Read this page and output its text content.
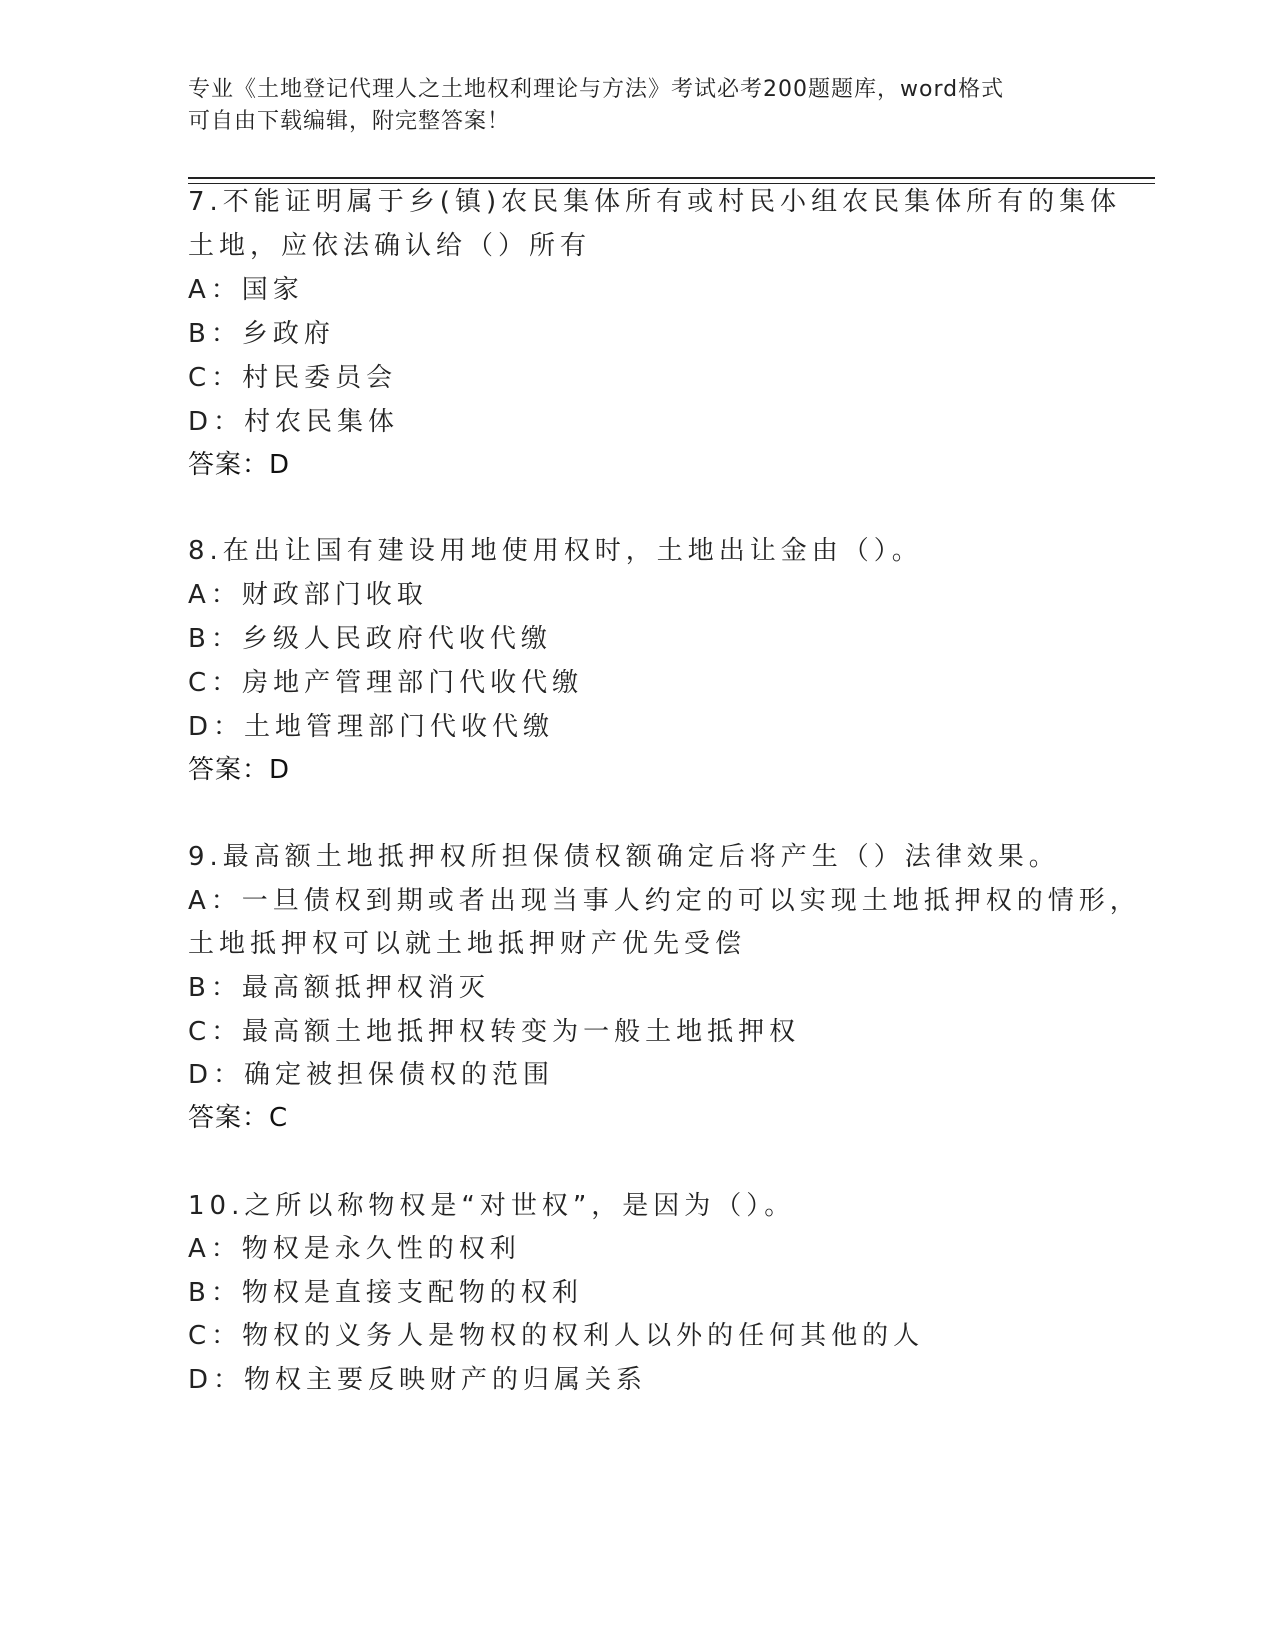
专业《土地登记代理人之土地权利理论与方法》考试必考200题题库，word格式
可自由下载编辑，附完整答案！
7.不能证明属于乡(镇)农民集体所有或村民小组农民集体所有的集体
土地，应依法确认给（）所有
A：国家
B：乡政府
C：村民委员会
D：村农民集体
答案：D
8.在出让国有建设用地使用权时，土地出让金由（）。
A：财政部门收取
B：乡级人民政府代收代缴
C：房地产管理部门代收代缴
D：土地管理部门代收代缴
答案：D
9.最高额土地抵押权所担保债权额确定后将产生（）法律效果。
A：一旦债权到期或者出现当事人约定的可以实现土地抵押权的情形，
土地抵押权可以就土地抵押财产优先受偿
B：最高额抵押权消灭
C：最高额土地抵押权转变为一般土地抵押权
D：确定被担保债权的范围
答案：C
10.之所以称物权是“对世权”，是因为（）。
A：物权是永久性的权利
B：物权是直接支配物的权利
C：物权的义务人是物权的权利人以外的任何其他的人
D：物权主要反映财产的归属关系
